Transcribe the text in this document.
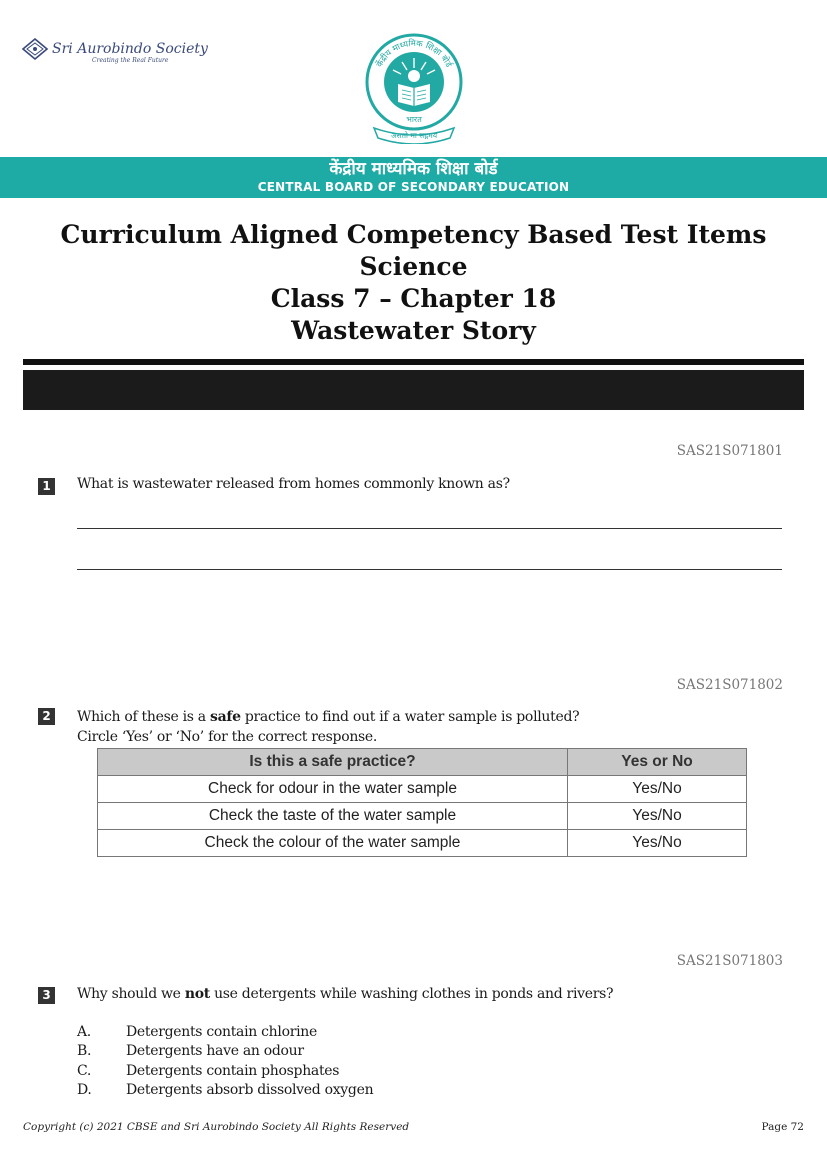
Sri Aurobindo Society
Creating the Real Future	केंद्रीय माध्यमिक शिक्षा बोर्ड
भारत
असतो मा सद्गमय
केंद्रीय माध्यमिक शिक्षा बोर्ड
CENTRAL BOARD OF SECONDARY EDUCATION
Curriculum Aligned Competency Based Test Items
Science
Class 7 – Chapter 18
Wastewater Story
SAS21S071801
1	What is wastewater released from homes commonly known as?
SAS21S071802
2	Which of these is a safe practice to find out if a water sample is polluted?
Circle ‘Yes’ or ‘No’ for the correct response.
Is this a safe practice?	Yes or No
Check for odour in the water sample	Yes/No
Check the taste of the water sample	Yes/No
Check the colour of the water sample	Yes/No
SAS21S071803
3	Why should we not use detergents while washing clothes in ponds and rivers?
A.	Detergents contain chlorine
B.	Detergents have an odour
C.	Detergents contain phosphates
D.	Detergents absorb dissolved oxygen
Copyright (c) 2021 CBSE and Sri Aurobindo Society All Rights Reserved	Page 72
